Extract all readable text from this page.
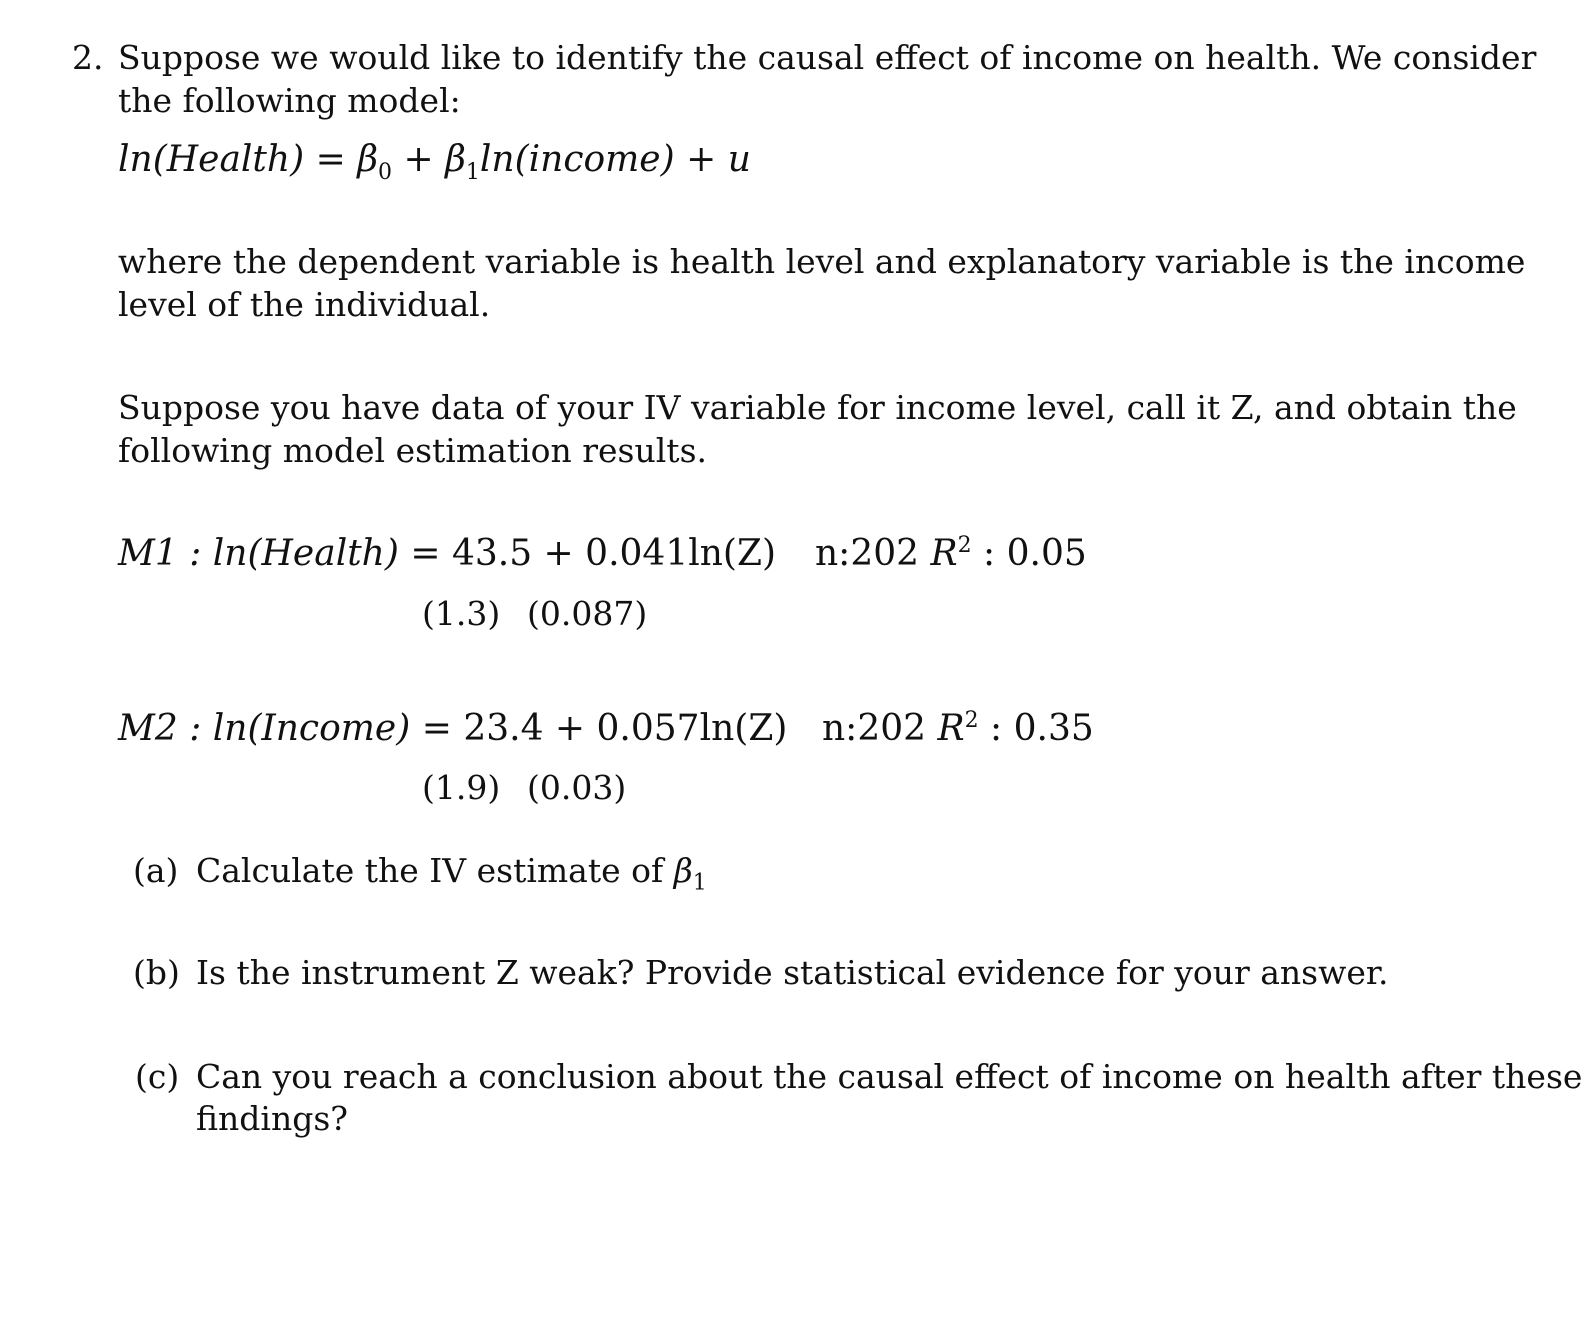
2. Suppose we would like to identify the causal effect of income on health. We consider
the following model:
ln(Health) = $\beta_0$ + $\beta_1\ln(income) + u$
where the dependent variable is health level and explanatory variable is the income
level of the individual.
Suppose you have data of your IV variable for income level, call it Z, and obtain the
following model estimation results.
M1 : ln(Health) = 43.5 + 0.041ln(Z) n:202 $R^2$ : 0.05
(1.3) (0.087)
M2 : ln(Income) = 23.4 + 0.057ln(Z) n:202 $R^2$ : 0.35
(1.9) (0.03)
(a) Calculate the IV estimate of $\beta_1$
(b) Is the instrument Z weak? Provide statistical evidence for your answer.
(c) Can you reach a conclusion about the causal effect of income on health after these
findings?
